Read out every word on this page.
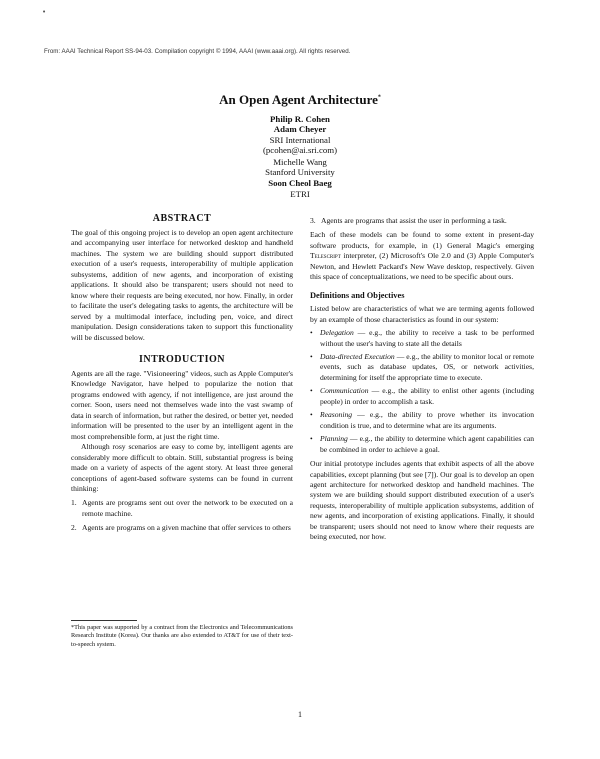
•
From: AAAI Technical Report SS-94-03. Compilation copyright © 1994, AAAI (www.aaai.org). All rights reserved.
An Open Agent Architecture*
Philip R. Cohen
Adam Cheyer
SRI International
(pcohen@ai.sri.com)
Michelle Wang
Stanford University
Soon Cheol Baeg
ETRI
ABSTRACT

The goal of this ongoing project is to develop an open agent architecture and accompanying user interface for networked desktop and handheld machines. The system we are building should support distributed execution of a user's requests, interoperability of multiple application subsystems, addition of new agents, and incorporation of existing applications. It should also be transparent; users should not need to know where their requests are being executed, nor how. Finally, in order to facilitate the user's delegating tasks to agents, the architecture will be served by a multimodal interface, including pen, voice, and direct manipulation. Design considerations taken to support this functionality will be discussed below.

INTRODUCTION

Agents are all the rage. "Visioneering" videos, such as Apple Computer's Knowledge Navigator, have helped to popularize the notion that programs endowed with agency, if not intelligence, are just around the corner. Soon, users need not themselves wade into the vast swamp of data in search of information, but rather the desired, or better yet, needed information will be presented to the user by an intelligent agent in the most comprehensible form, at just the right time.

Although rosy scenarios are easy to come by, intelligent agents are considerably more difficult to obtain. Still, substantial progress is being made on a variety of aspects of the agent story. At least three general conceptions of agent-based software systems can be found in current thinking:

1. Agents are programs sent out over the network to be executed on a remote machine.
2. Agents are programs on a given machine that offer services to others
*This paper was supported by a contract from the Electronics and Telecommunications Research Institute (Korea). Our thanks are also extended to AT&T for use of their text-to-speech system.
3. Agents are programs that assist the user in performing a task.

Each of these models can be found to some extent in present-day software products, for example, in (1) General Magic's emerging Telescript interpreter, (2) Microsoft's Ole 2.0 and (3) Apple Computer's Newton, and Hewlett Packard's New Wave desktop, respectively. Given this space of conceptualizations, we need to be specific about ours.

Definitions and Objectives

Listed below are characteristics of what we are terming agents followed by an example of those characteristics as found in our system:

• Delegation — e.g., the ability to receive a task to be performed without the user's having to state all the details
• Data-directed Execution — e.g., the ability to monitor local or remote events, such as database updates, OS, or network activities, determining for itself the appropriate time to execute.
• Communication — e.g., the ability to enlist other agents (including people) in order to accomplish a task.
• Reasoning — e.g., the ability to prove whether its invocation condition is true, and to determine what are its arguments.
• Planning — e.g., the ability to determine which agent capabilities can be combined in order to achieve a goal.

Our initial prototype includes agents that exhibit aspects of all the above capabilities, except planning (but see [7]). Our goal is to develop an open agent architecture for networked desktop and handheld machines. The system we are building should support distributed execution of a user's requests, interoperability of multiple application subsystems, addition of new agents, and incorporation of existing applications. Finally, it should be transparent; users should not need to know where their requests are being executed, nor how.

1
